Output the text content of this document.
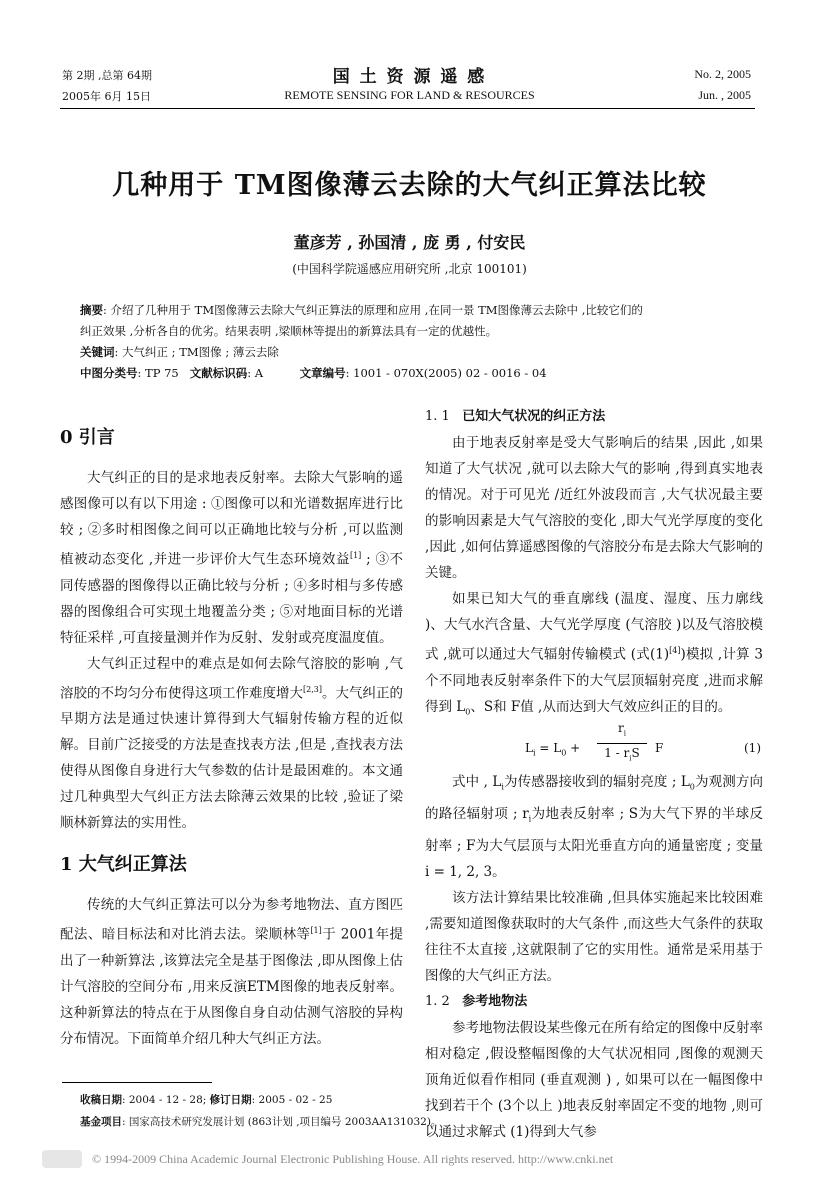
第 2期 ,总第 64期
2005年 6月 15日
国 土 资 源 遥 感
REMOTE SENSING FOR LAND & RESOURCES
No. 2, 2005
Jun. , 2005
几种用于 TM图像薄云去除的大气纠正算法比较
董彦芳 , 孙国清 , 庞 勇 , 付安民
(中国科学院遥感应用研究所 ,北京 100101)
摘要: 介绍了几种用于 TM图像薄云去除大气纠正算法的原理和应用 ,在同一景 TM图像薄云去除中 ,比较它们的
纠正效果 ,分析各自的优劣。结果表明 ,梁顺林等提出的新算法具有一定的优越性。
关键词: 大气纠正 ; TM图像 ; 薄云去除
中图分类号: TP 75 文献标识码: A	文章编号: 1001 - 070X(2005) 02 - 0016 - 04
0 引言

大气纠正的目的是求地表反射率。去除大气影响的遥感图像可以有以下用途 : ①图像可以和光谱数据库进行比较 ; ②多时相图像之间可以正确地比较与分析 ,可以监测植被动态变化 ,并进一步评价大气生态环境效益[1] ; ③不同传感器的图像得以正确比较与分析 ; ④多时相与多传感器的图像组合可实现土地覆盖分类 ; ⑤对地面目标的光谱特征采样 ,可直接量测并作为反射、发射或亮度温度值。

大气纠正过程中的难点是如何去除气溶胶的影响 ,气溶胶的不均匀分布使得这项工作难度增大[2,3]。大气纠正的早期方法是通过快速计算得到大气辐射传输方程的近似解。目前广泛接受的方法是查找表方法 ,但是 ,查找表方法使得从图像自身进行大气参数的估计是最困难的。本文通过几种典型大气纠正方法去除薄云效果的比较 ,验证了梁顺林新算法的实用性。

1 大气纠正算法

传统的大气纠正算法可以分为参考地物法、直方图匹配法、暗目标法和对比消去法。梁顺林等[1]于 2001年提出了一种新算法 ,该算法完全是基于图像法 ,即从图像上估计气溶胶的空间分布 ,用来反演ETM图像的地表反射率。这种新算法的特点在于从图像自身自动估测气溶胶的异构分布情况。下面简单介绍几种大气纠正方法。

1. 1 已知大气状况的纠正方法

由于地表反射率是受大气影响后的结果 ,因此 ,如果知道了大气状况 ,就可以去除大气的影响 ,得到真实地表的情况。对于可见光 /近红外波段而言 ,大气状况最主要的影响因素是大气气溶胶的变化 ,即大气光学厚度的变化 ,因此 ,如何估算遥感图像的气溶胶分布是去除大气影响的关键。

如果已知大气的垂直廓线 (温度、湿度、压力廓线 )、大气水汽含量、大气光学厚度 (气溶胶 )以及气溶胶模式 ,就可以通过大气辐射传输模式 (式(1)[4])模拟 ,计算 3个不同地表反射率条件下的大气层顶辐射亮度 ,进而求解得到 $L_0$、S和 F值 ,从而达到大气效应纠正的目的。

$L_i = L_0$ +
$r_i$
$1 - r_iS$	F	(1)

式中 , $L_i$为传感器接收到的辐射亮度 ; $L_0$为观测方向的路径辐射项 ; $r_i$为地表反射率 ; S为大气下界的半球反射率 ; F为大气层顶与太阳光垂直方向的通量密度 ; 变量 i = 1, 2, 3。

该方法计算结果比较准确 ,但具体实施起来比较困难 ,需要知道图像获取时的大气条件 ,而这些大气条件的获取往往不太直接 ,这就限制了它的实用性。通常是采用基于图像的大气纠正方法。

1. 2 参考地物法

参考地物法假设某些像元在所有给定的图像中反射率相对稳定 ,假设整幅图像的大气状况相同 ,图像的观测天顶角近似看作相同 (垂直观测 ) , 如果可以在一幅图像中找到若干个 (3个以上 )地表反射率固定不变的地物 ,则可以通过求解式 (1)得到大气参

收稿日期: 2004 - 12 - 28; 修订日期: 2005 - 02 - 25
基金项目: 国家高技术研究发展计划 (863计划 ,项目编号 2003AA131032)。
© 1994-2009 China Academic Journal Electronic Publishing House. All rights reserved. http://www.cnki.net
